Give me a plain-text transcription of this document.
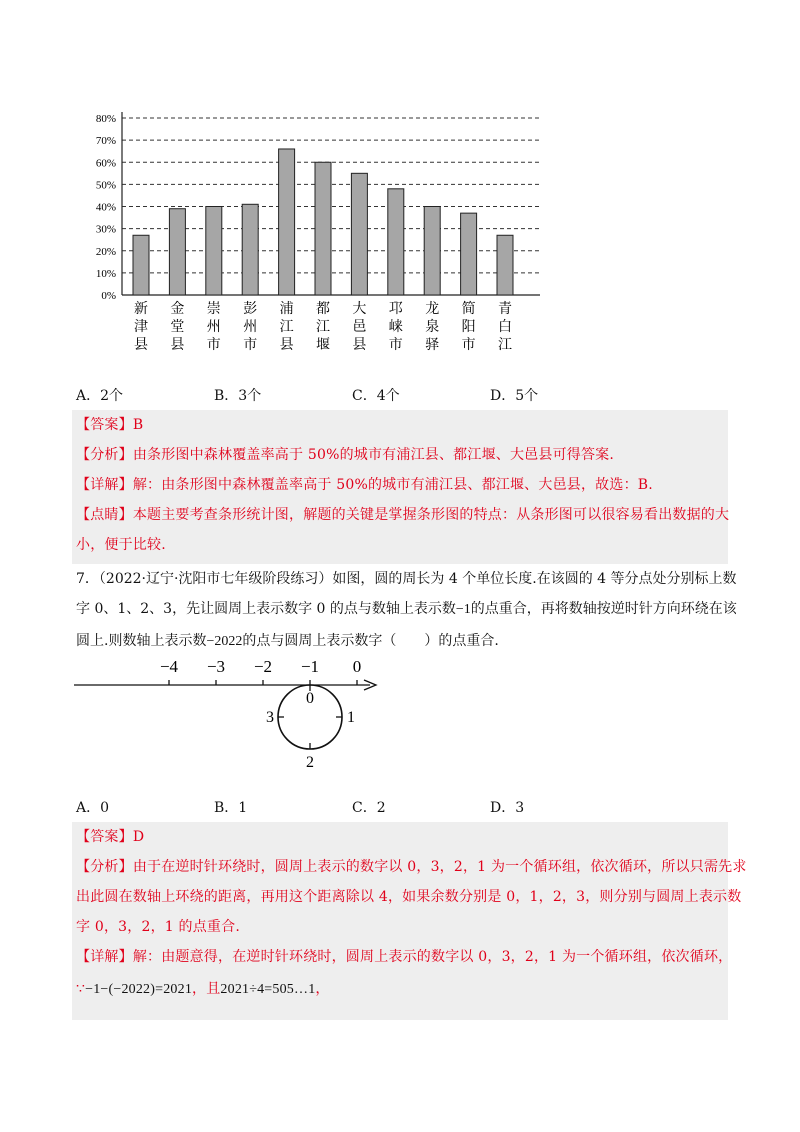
0%
10%
20%
30%
40%
50%
60%
70%
80%
新
津
县
金
堂
县
崇
州
市
彭
州
市
浦
江
县
都
江
堰
大
邑
县
邛
崃
市
龙
泉
驿
简
阳
市
青
白
江
A．2个	B．3个	C．4个	D．5个
【答案】B
【分析】由条形图中森林覆盖率高于 50%的城市有浦江县、都江堰、大邑县可得答案.
【详解】解：由条形图中森林覆盖率高于 50%的城市有浦江县、都江堰、大邑县，故选：B.
【点睛】本题主要考查条形统计图，解题的关键是掌握条形图的特点：从条形图可以很容易看出数据的大
小，便于比较.
7．（2022·辽宁·沈阳市七年级阶段练习）如图，圆的周长为 4 个单位长度.在该圆的 4 等分点处分别标上数
字 0、1、2、3，先让圆周上表示数字 0 的点与数轴上表示数−1的点重合，再将数轴按逆时针方向环绕在该
圆上.则数轴上表示数−2022的点与圆周上表示数字（　　）的点重合.
−4 −3 −2 −1 0
0
1
2
3
A．0	B．1	C．2	D．3
【答案】D
【分析】由于在逆时针环绕时，圆周上表示的数字以 0，3，2，1 为一个循环组，依次循环，所以只需先求
出此圆在数轴上环绕的距离，再用这个距离除以 4，如果余数分别是 0，1，2，3，则分别与圆周上表示数
字 0，3，2，1 的点重合.
【详解】解：由题意得，在逆时针环绕时，圆周上表示的数字以 0，3，2，1 为一个循环组，依次循环，
∵−1−(−2022)=2021，且2021÷4=505…1，
